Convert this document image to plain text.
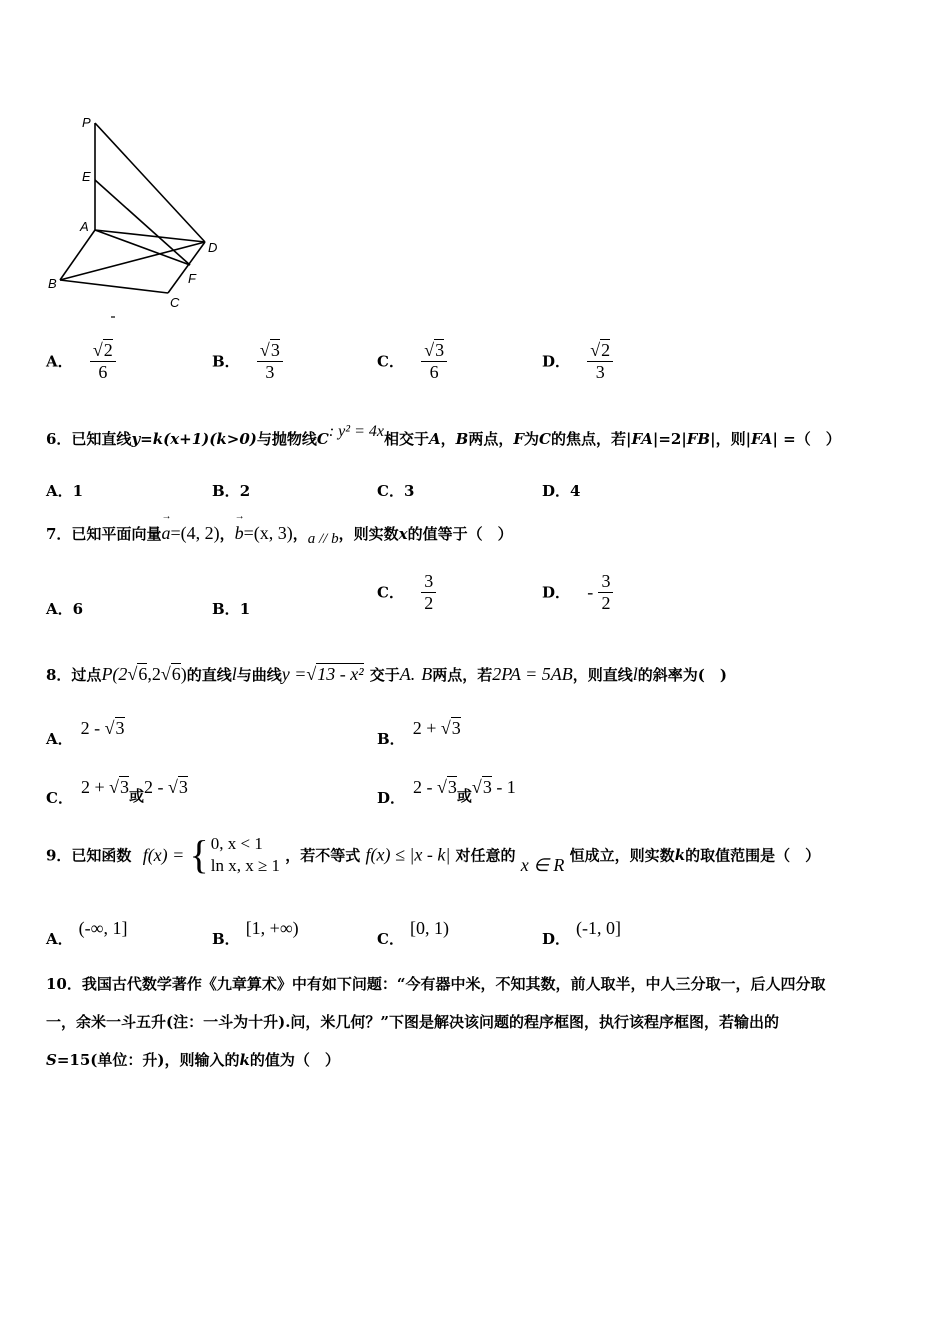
P
E
A
D
B	F
C
A． $\frac{√2}{6}$	B． $\frac{√3}{3}$	C． $\frac{√3}{6}$	D． $\frac{√2}{3}$
6．已知直线y=k(x+1)(k>0)与抛物线C: y² = 4x相交于A，B两点，F为C的焦点，若|FA|=2|FB|，则|FA| =（　）
A．1	B．2	C．3	D．4
7．已知平面向量→ a=(4, 2)，→ b=(x, 3)，a // b，则实数x的值等于（　）
A．6	B．1
C． $\frac{3}{2}$	D． - $\frac{3}{2}$
8．过点P(2√6,2√6)的直线l与曲线y =√13 - x² 交于A. B两点，若2PA = 5AB，则直线l的斜率为(　)
A．2 - √3
B．2 + √3
C．2 + √3或2 - √3
D．2 - √3或√3 - 1
9．已知函数 f(x) = { 0, x < 1
ln x, x ≥ 1
，若不等式 f(x) ≤ |x - k| 对任意的 x ∈ R 恒成立，则实数k的取值范围是（　）
A．(-∞, 1]
B．[1, +∞)
C．[0, 1)
D．(-1, 0]
10．我国古代数学著作《九章算术》中有如下问题：“今有器中米，不知其数，前人取半，中人三分取一，后人四分取
一，余米一斗五升(注：一斗为十升).问，米几何？”下图是解决该问题的程序框图，执行该程序框图，若输出的
S=15(单位：升)，则输入的k的值为（　）
